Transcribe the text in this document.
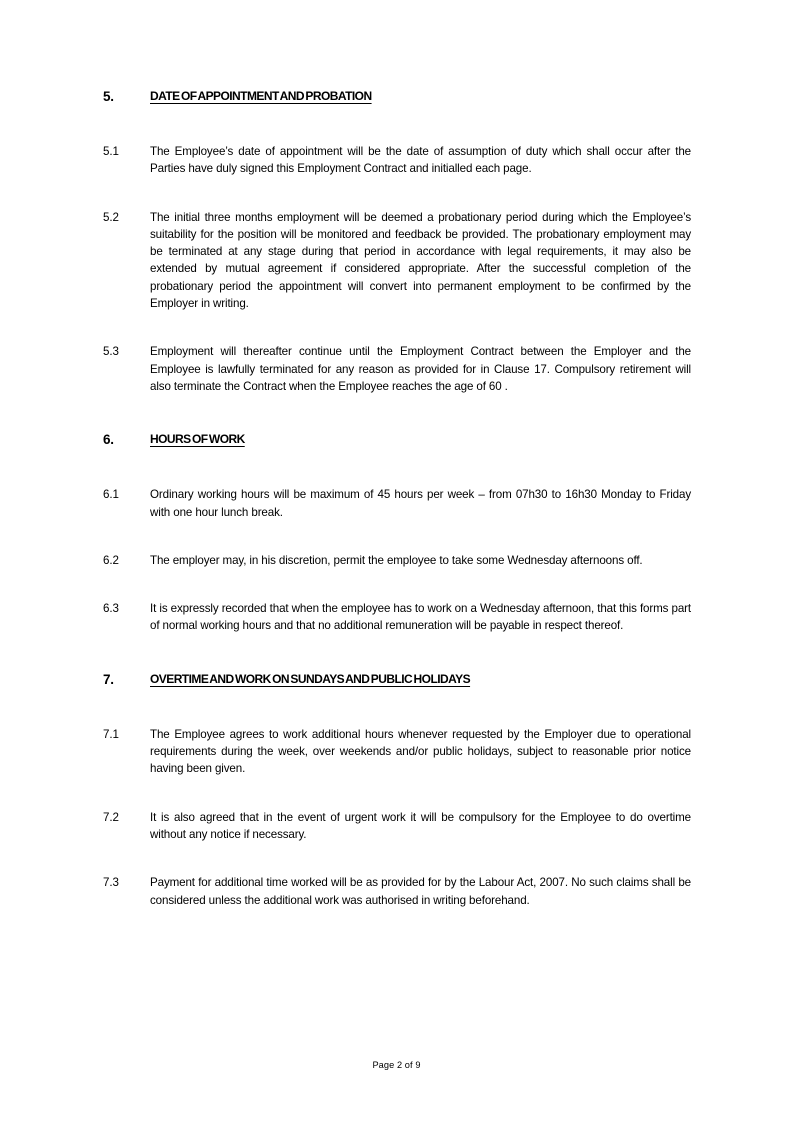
5.	DATE OF APPOINTMENT AND PROBATION
5.1	The Employee’s date of appointment will be the date of assumption of duty which shall occur after the Parties have duly signed this Employment Contract and initialled each page.
5.2	The initial three months employment will be deemed a probationary period during which the Employee’s suitability for the position will be monitored and feedback be provided. The probationary employment may be terminated at any stage during that period in accordance with legal requirements, it may also be extended by mutual agreement if considered appropriate. After the successful completion of the probationary period the appointment will convert into permanent employment to be confirmed by the Employer in writing.
5.3	Employment will thereafter continue until the Employment Contract between the Employer and the Employee is lawfully terminated for any reason as provided for in Clause 17. Compulsory retirement will also terminate the Contract when the Employee reaches the age of 60 .
6.	HOURS OF WORK
6.1	Ordinary working hours will be maximum of 45 hours per week – from 07h30 to 16h30 Monday to Friday with one hour lunch break.
6.2	The employer may, in his discretion, permit the employee to take some Wednesday afternoons off.
6.3	It is expressly recorded that when the employee has to work on a Wednesday afternoon, that this forms part of normal working hours and that no additional remuneration will be payable in respect thereof.
7.	OVERTIME AND WORK ON SUNDAYS AND PUBLIC HOLIDAYS
7.1	The Employee agrees to work additional hours whenever requested by the Employer due to operational requirements during the week, over weekends and/or public holidays, subject to reasonable prior notice having been given.
7.2	It is also agreed that in the event of urgent work it will be compulsory for the Employee to do overtime without any notice if necessary.
7.3	Payment for additional time worked will be as provided for by the Labour Act, 2007. No such claims shall be considered unless the additional work was authorised in writing beforehand.
Page 2 of 9
